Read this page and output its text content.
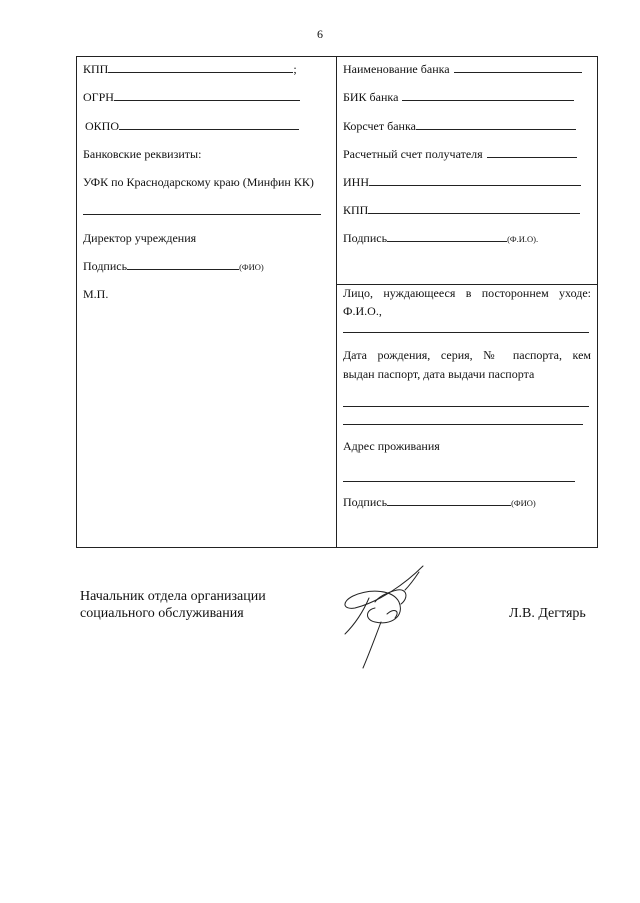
6
КПП	;
ОГРН
ОКПО
Банковские реквизиты:
УФК по Краснодарскому краю (Минфин КК)
Директор учреждения
Подпись	(ФИО)
М.П.
Наименование банка
БИК банка
Корсчет банка
Расчетный счет получателя
ИНН
КПП
Подпись	(Ф.И.О).
Лицо, нуждающееся в постороннем уходе:
Ф.И.О.,
Дата рождения, серия, № паспорта, кем
выдан паспорт, дата выдачи паспорта
Адрес проживания
Подпись	(ФИО)
Начальник отдела организации
социального обслуживания	Л.В. Дегтярь
